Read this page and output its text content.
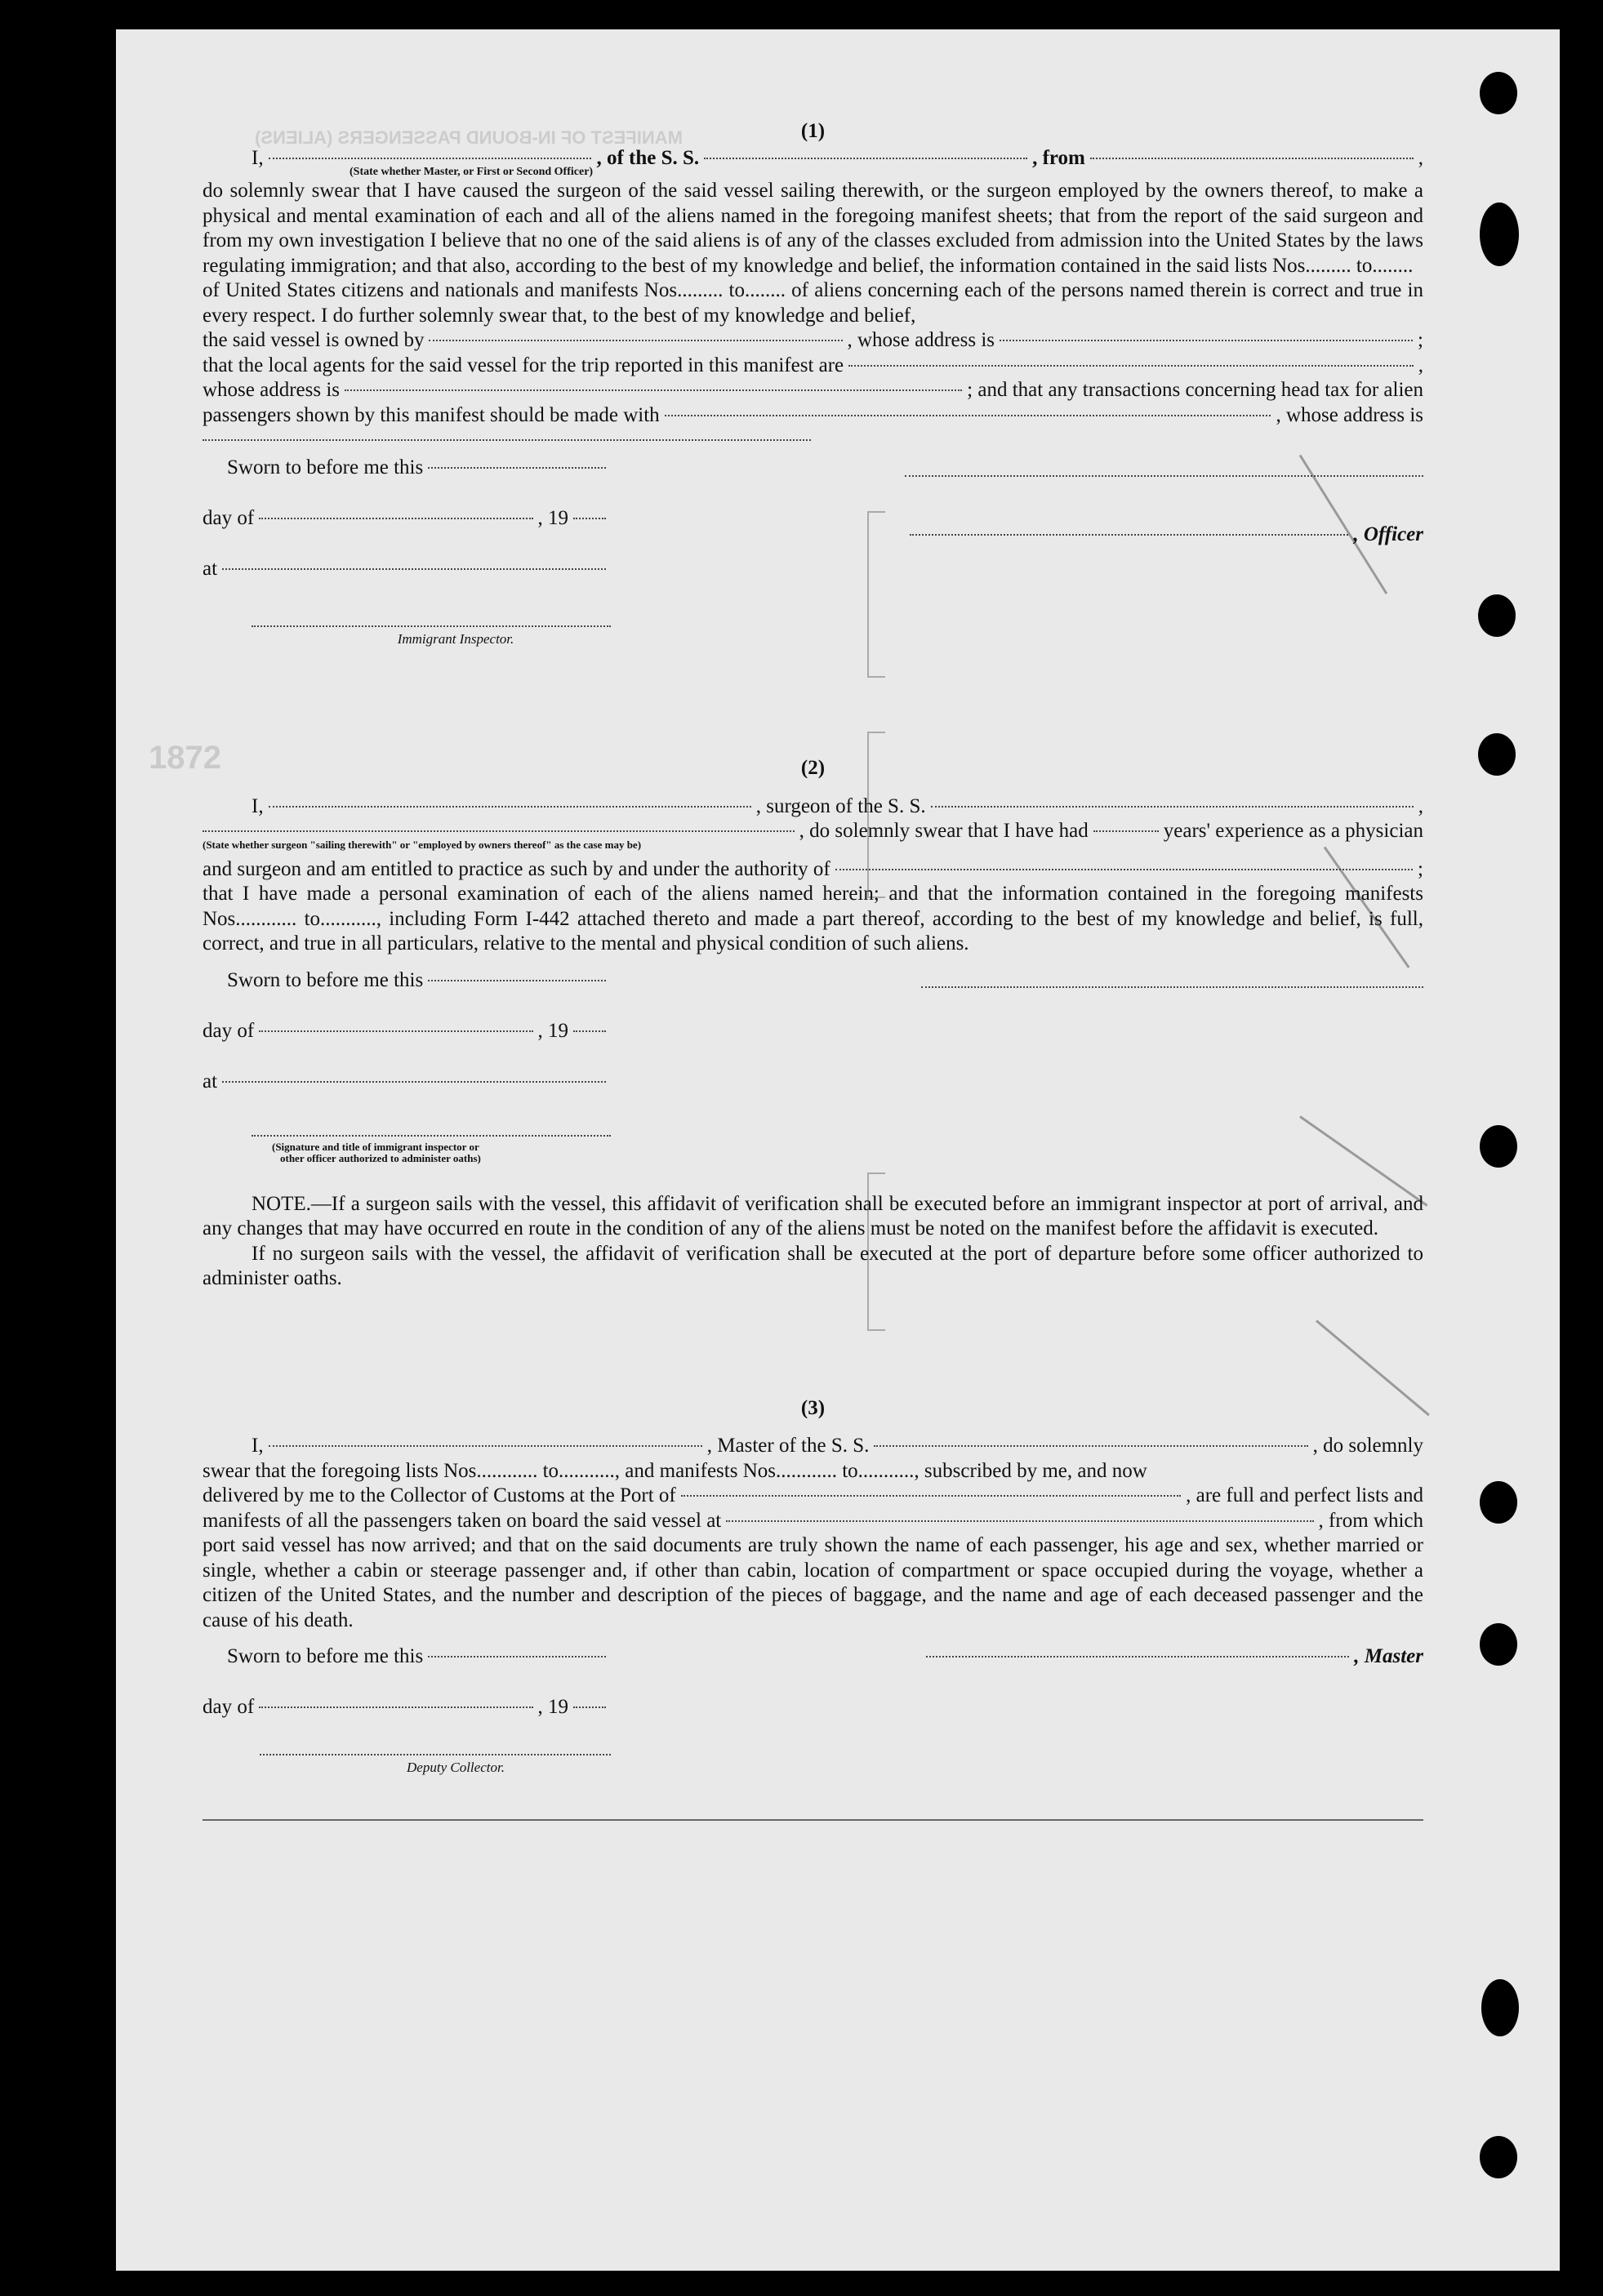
MANIFEST OF IN-BOUND PASSENGERS (ALIENS)
1872
(1)
I,	, of the S. S.	, from	,
(State whether Master, or First or Second Officer)

do solemnly swear that I have caused the surgeon of the said vessel sailing therewith, or the surgeon employed by the owners thereof, to make a physical and mental examination of each and all of the aliens named in the foregoing manifest sheets; that from the report of the said surgeon and from my own investigation I believe that no one of the said aliens is of any of the classes excluded from admission into the United States by the laws regulating immigration; and that also, according to the best of my knowledge and belief, the information contained in the said lists Nos......... to........

of United States citizens and nationals and manifests Nos......... to........ of aliens concerning each of the persons named therein is correct and true in every respect. I do further solemnly swear that, to the best of my knowledge and belief,

the said vessel is owned by	, whose address is	;
that the local agents for the said vessel for the trip reported in this manifest are	,
whose address is	; and that any transactions concerning head tax for alien
passengers shown by this manifest should be made with	, whose address is
Sworn to before me this
day of	, 19
at
Immigrant Inspector.
, Officer
(2)
I,	, surgeon of the S. S.	,
, do solemnly swear that I have had	years' experience as a physician
(State whether surgeon "sailing therewith" or "employed by owners thereof" as the case may be)
and surgeon and am entitled to practice as such by and under the authority of	;

that I have made a personal examination of each of the aliens named herein; and that the information contained in the foregoing manifests Nos............ to..........., including Form I-442 attached thereto and made a part thereof, according to the best of my knowledge and belief, is full, correct, and true in all particulars, relative to the mental and physical condition of such aliens.

Sworn to before me this
day of	, 19
at
(Signature and title of immigrant inspector or
other officer authorized to administer oaths)

NOTE.—If a surgeon sails with the vessel, this affidavit of verification shall be executed before an immigrant inspector at port of arrival, and any changes that may have occurred en route in the condition of any of the aliens must be noted on the manifest before the affidavit is executed.

If no surgeon sails with the vessel, the affidavit of verification shall be executed at the port of departure before some officer authorized to administer oaths.

(3)
I,	, Master of the S. S.	, do solemnly

swear that the foregoing lists Nos............ to..........., and manifests Nos............ to..........., subscribed by me, and now

delivered by me to the Collector of Customs at the Port of	, are full and perfect lists and
manifests of all the passengers taken on board the said vessel at	, from which

port said vessel has now arrived; and that on the said documents are truly shown the name of each passenger, his age and sex, whether married or single, whether a cabin or steerage passenger and, if other than cabin, location of compartment or space occupied during the voyage, whether a citizen of the United States, and the number and description of the pieces of baggage, and the name and age of each deceased passenger and the cause of his death.

Sworn to before me this
day of	, 19
Deputy Collector.
, Master
